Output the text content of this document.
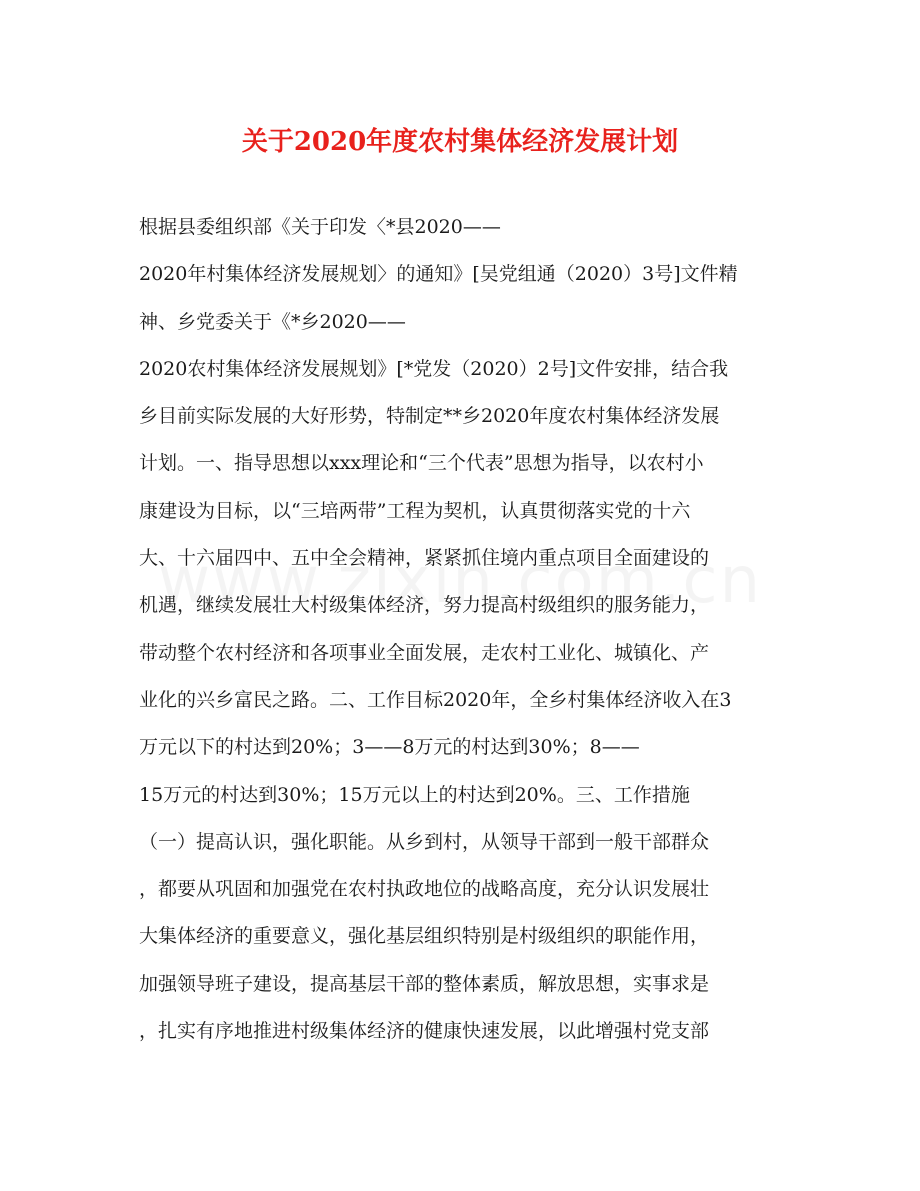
关于2020年度农村集体经济发展计划
根据县委组织部《关于印发〈*县2020——
2020年村集体经济发展规划〉的通知》[吴党组通（2020）3号]文件精
神、乡党委关于《*乡2020——
2020农村集体经济发展规划》[*党发（2020）2号]文件安排，结合我
乡目前实际发展的大好形势，特制定**乡2020年度农村集体经济发展
计划。一、指导思想以xxx理论和“三个代表”思想为指导，以农村小
康建设为目标，以“三培两带”工程为契机，认真贯彻落实党的十六
大、十六届四中、五中全会精神，紧紧抓住境内重点项目全面建设的
机遇，继续发展壮大村级集体经济，努力提高村级组织的服务能力，
带动整个农村经济和各项事业全面发展，走农村工业化、城镇化、产
业化的兴乡富民之路。二、工作目标2020年，全乡村集体经济收入在3
万元以下的村达到20%；3——8万元的村达到30%；8——
15万元的村达到30%；15万元以上的村达到20%。三、工作措施
（一）提高认识，强化职能。从乡到村，从领导干部到一般干部群众
，都要从巩固和加强党在农村执政地位的战略高度，充分认识发展壮
大集体经济的重要意义，强化基层组织特别是村级组织的职能作用，
加强领导班子建设，提高基层干部的整体素质，解放思想，实事求是
，扎实有序地推进村级集体经济的健康快速发展，以此增强村党支部
